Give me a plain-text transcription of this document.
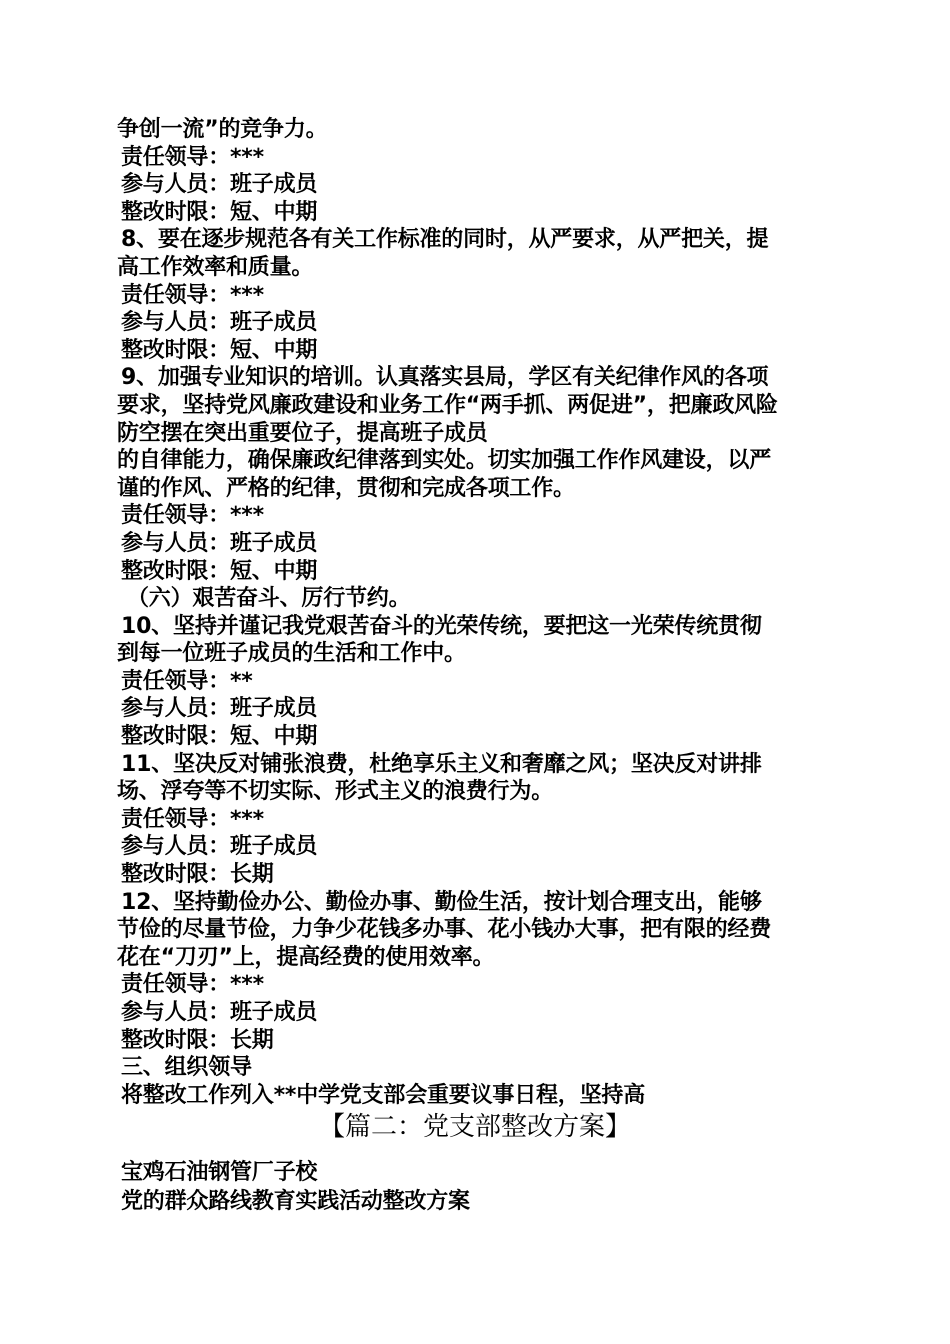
争创一流”的竞争力。
责任领导：***
参与人员：班子成员
整改时限：短、中期
8、要在逐步规范各有关工作标准的同时，从严要求，从严把关，提
高工作效率和质量。
责任领导：***
参与人员：班子成员
整改时限：短、中期
9、加强专业知识的培训。认真落实县局，学区有关纪律作风的各项
要求，坚持党风廉政建设和业务工作“两手抓、两促进”，把廉政风险
防空摆在突出重要位子，提高班子成员
的自律能力，确保廉政纪律落到实处。切实加强工作作风建设，以严
谨的作风、严格的纪律，贯彻和完成各项工作。
责任领导：***
参与人员：班子成员
整改时限：短、中期
（六）艰苦奋斗、厉行节约。
10、坚持并谨记我党艰苦奋斗的光荣传统，要把这一光荣传统贯彻
到每一位班子成员的生活和工作中。
责任领导：**
参与人员：班子成员
整改时限：短、中期
11、坚决反对铺张浪费，杜绝享乐主义和奢靡之风；坚决反对讲排
场、浮夸等不切实际、形式主义的浪费行为。
责任领导：***
参与人员：班子成员
整改时限：长期
12、坚持勤俭办公、勤俭办事、勤俭生活，按计划合理支出，能够
节俭的尽量节俭，力争少花钱多办事、花小钱办大事，把有限的经费
花在“刀刃”上，提高经费的使用效率。
责任领导：***
参与人员：班子成员
整改时限：长期
三、组织领导
将整改工作列入**中学党支部会重要议事日程，坚持高
【篇二：党支部整改方案】
宝鸡石油钢管厂子校
党的群众路线教育实践活动整改方案
